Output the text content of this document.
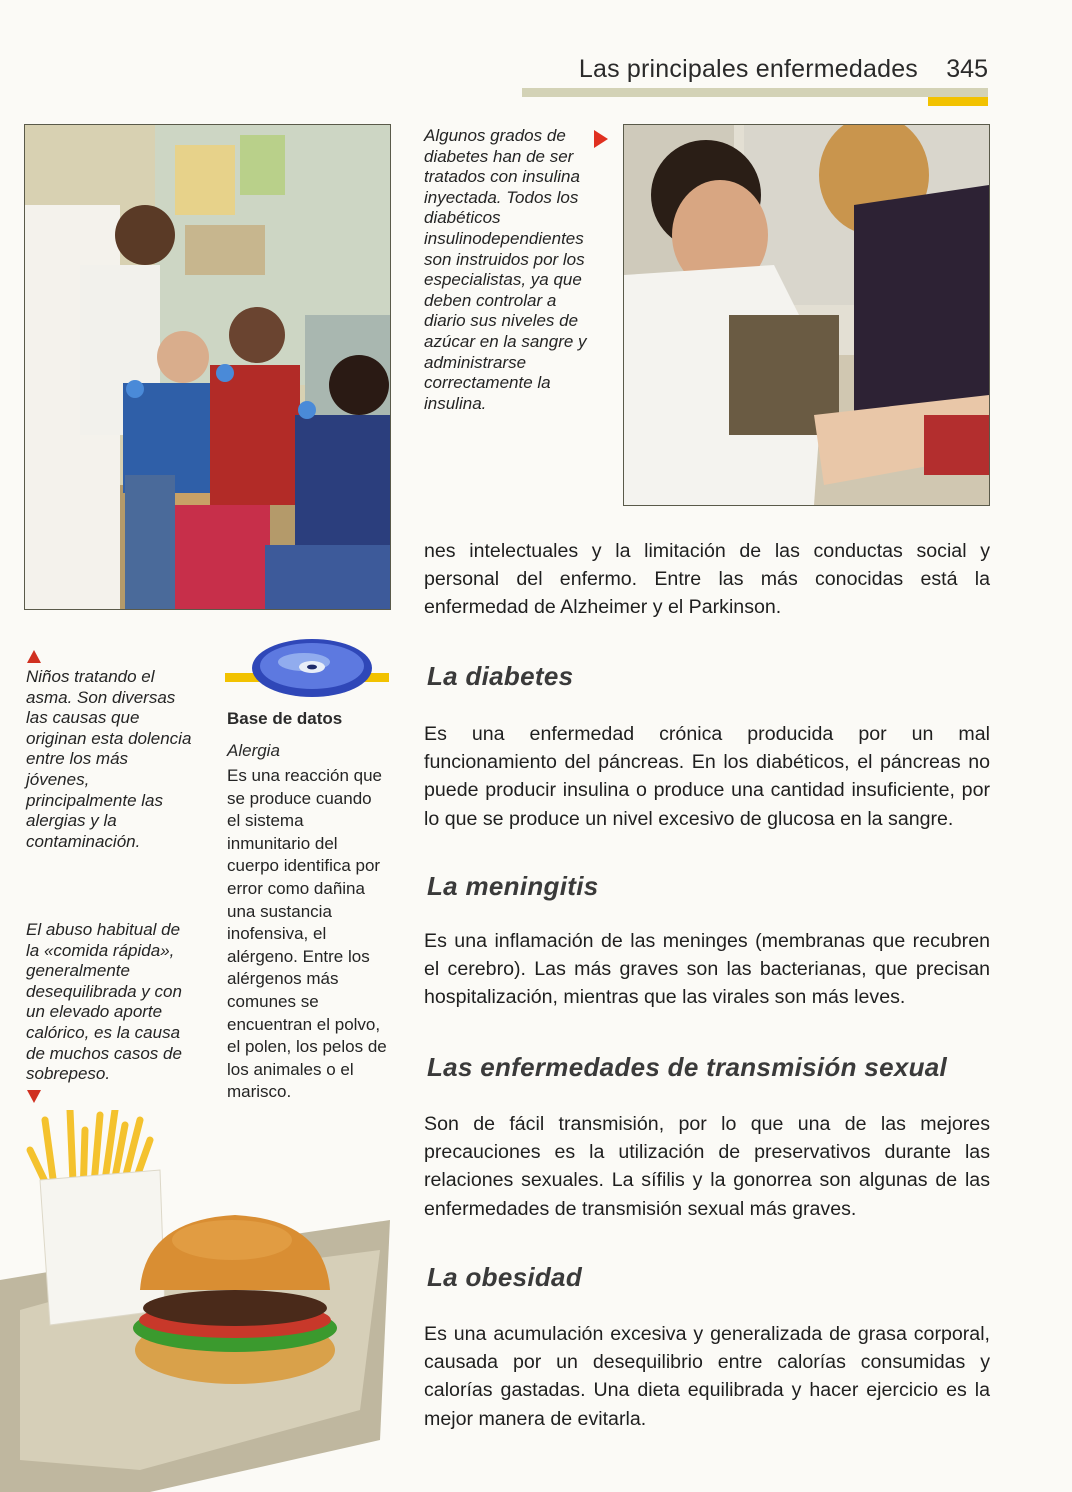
Las principales enfermedades 345
Algunos grados de diabetes han de ser tratados con insulina inyectada. Todos los diabéticos insulinodependientes son instruidos por los especialistas, ya que deben controlar a diario sus niveles de azúcar en la sangre y administrarse correctamente la insulina.
Niños tratando el asma. Son diversas las causas que originan esta dolencia entre los más jóvenes, principalmente las alergias y la contaminación.
Base de datos
Alergia
Es una reacción que se produce cuando el sistema inmunitario del cuerpo identifica por error como dañina una sustancia inofensiva, el alérgeno. Entre los alérgenos más comunes se encuentran el polvo, el polen, los pelos de los animales o el marisco.
El abuso habitual de la «comida rápida», generalmente desequilibrada y con un elevado aporte calórico, es la causa de muchos casos de sobrepeso.
nes intelectuales y la limitación de las conductas social y personal del enfermo. Entre las más conocidas está la enfermedad de Alzheimer y el Parkinson.
La diabetes
Es una enfermedad crónica producida por un mal funcionamiento del páncreas. En los diabéticos, el páncreas no puede producir insulina o produce una cantidad insuficiente, por lo que se produce un nivel excesivo de glucosa en la sangre.
La meningitis
Es una inflamación de las meninges (membranas que recubren el cerebro). Las más graves son las bacterianas, que precisan hospitalización, mientras que las virales son más leves.
Las enfermedades de transmisión sexual
Son de fácil transmisión, por lo que una de las mejores precauciones es la utilización de preservativos durante las relaciones sexuales. La sífilis y la gonorrea son algunas de las enfermedades de transmisión sexual más graves.
La obesidad
Es una acumulación excesiva y generalizada de grasa corporal, causada por un desequilibrio entre calorías consumidas y calorías gastadas. Una dieta equilibrada y hacer ejercicio es la mejor manera de evitarla.
